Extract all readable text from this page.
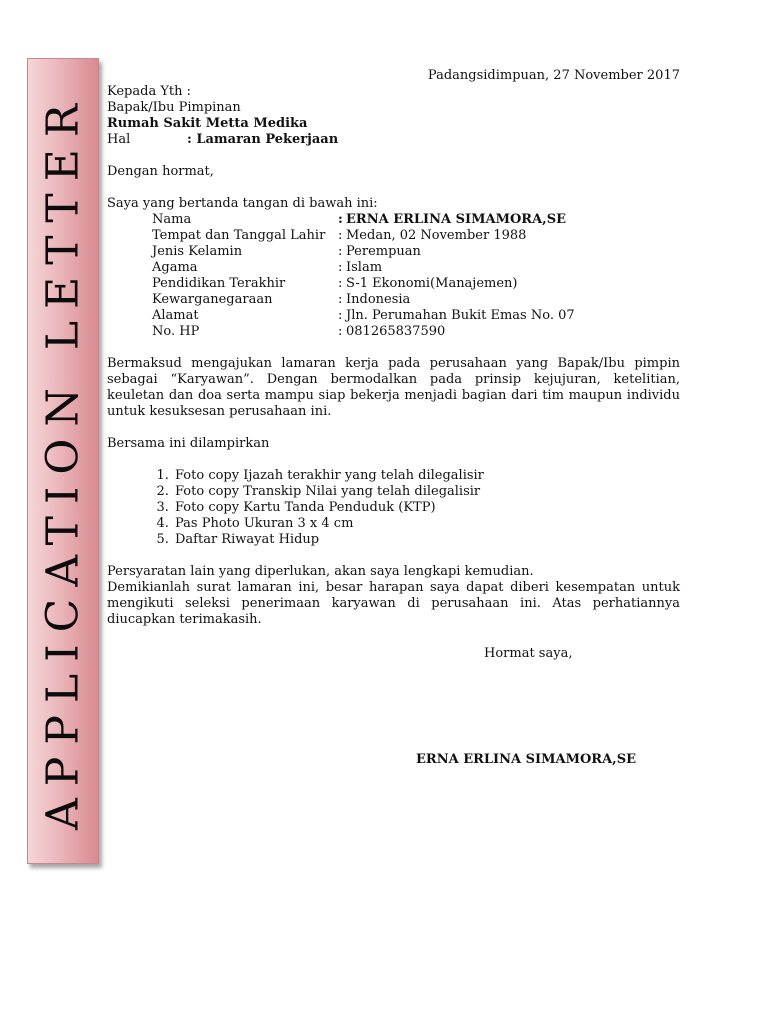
APPLICATION LETTER
Padangsidimpuan, 27 November 2017
Kepada Yth :
Bapak/Ibu Pimpinan
Rumah Sakit Metta Medika
Hal	: Lamaran Pekerjaan
Dengan hormat,
Saya yang bertanda tangan di bawah ini:
Nama	: ERNA ERLINA SIMAMORA,SE
Tempat dan Tanggal Lahir : Medan, 02 November 1988
Jenis Kelamin	: Perempuan
Agama	: Islam
Pendidikan Terakhir	: S-1 Ekonomi(Manajemen)
Kewarganegaraan	: Indonesia
Alamat	: Jln. Perumahan Bukit Emas No. 07
No. HP	: 081265837590
Bermaksud mengajukan lamaran kerja pada perusahaan yang Bapak/Ibu pimpin sebagai “Karyawan”. Dengan bermodalkan pada prinsip kejujuran, ketelitian, keuletan dan doa serta mampu siap bekerja menjadi bagian dari tim maupun individu untuk kesuksesan perusahaan ini.
Bersama ini dilampirkan
1. Foto copy Ijazah terakhir yang telah dilegalisir
2. Foto copy Transkip Nilai yang telah dilegalisir
3. Foto copy Kartu Tanda Penduduk (KTP)
4. Pas Photo Ukuran 3 x 4 cm
5. Daftar Riwayat Hidup
Persyaratan lain yang diperlukan, akan saya lengkapi kemudian.
Demikianlah surat lamaran ini, besar harapan saya dapat diberi kesempatan untuk mengikuti seleksi penerimaan karyawan di perusahaan ini. Atas perhatiannya diucapkan terimakasih.
Hormat saya,
ERNA ERLINA SIMAMORA,SE
